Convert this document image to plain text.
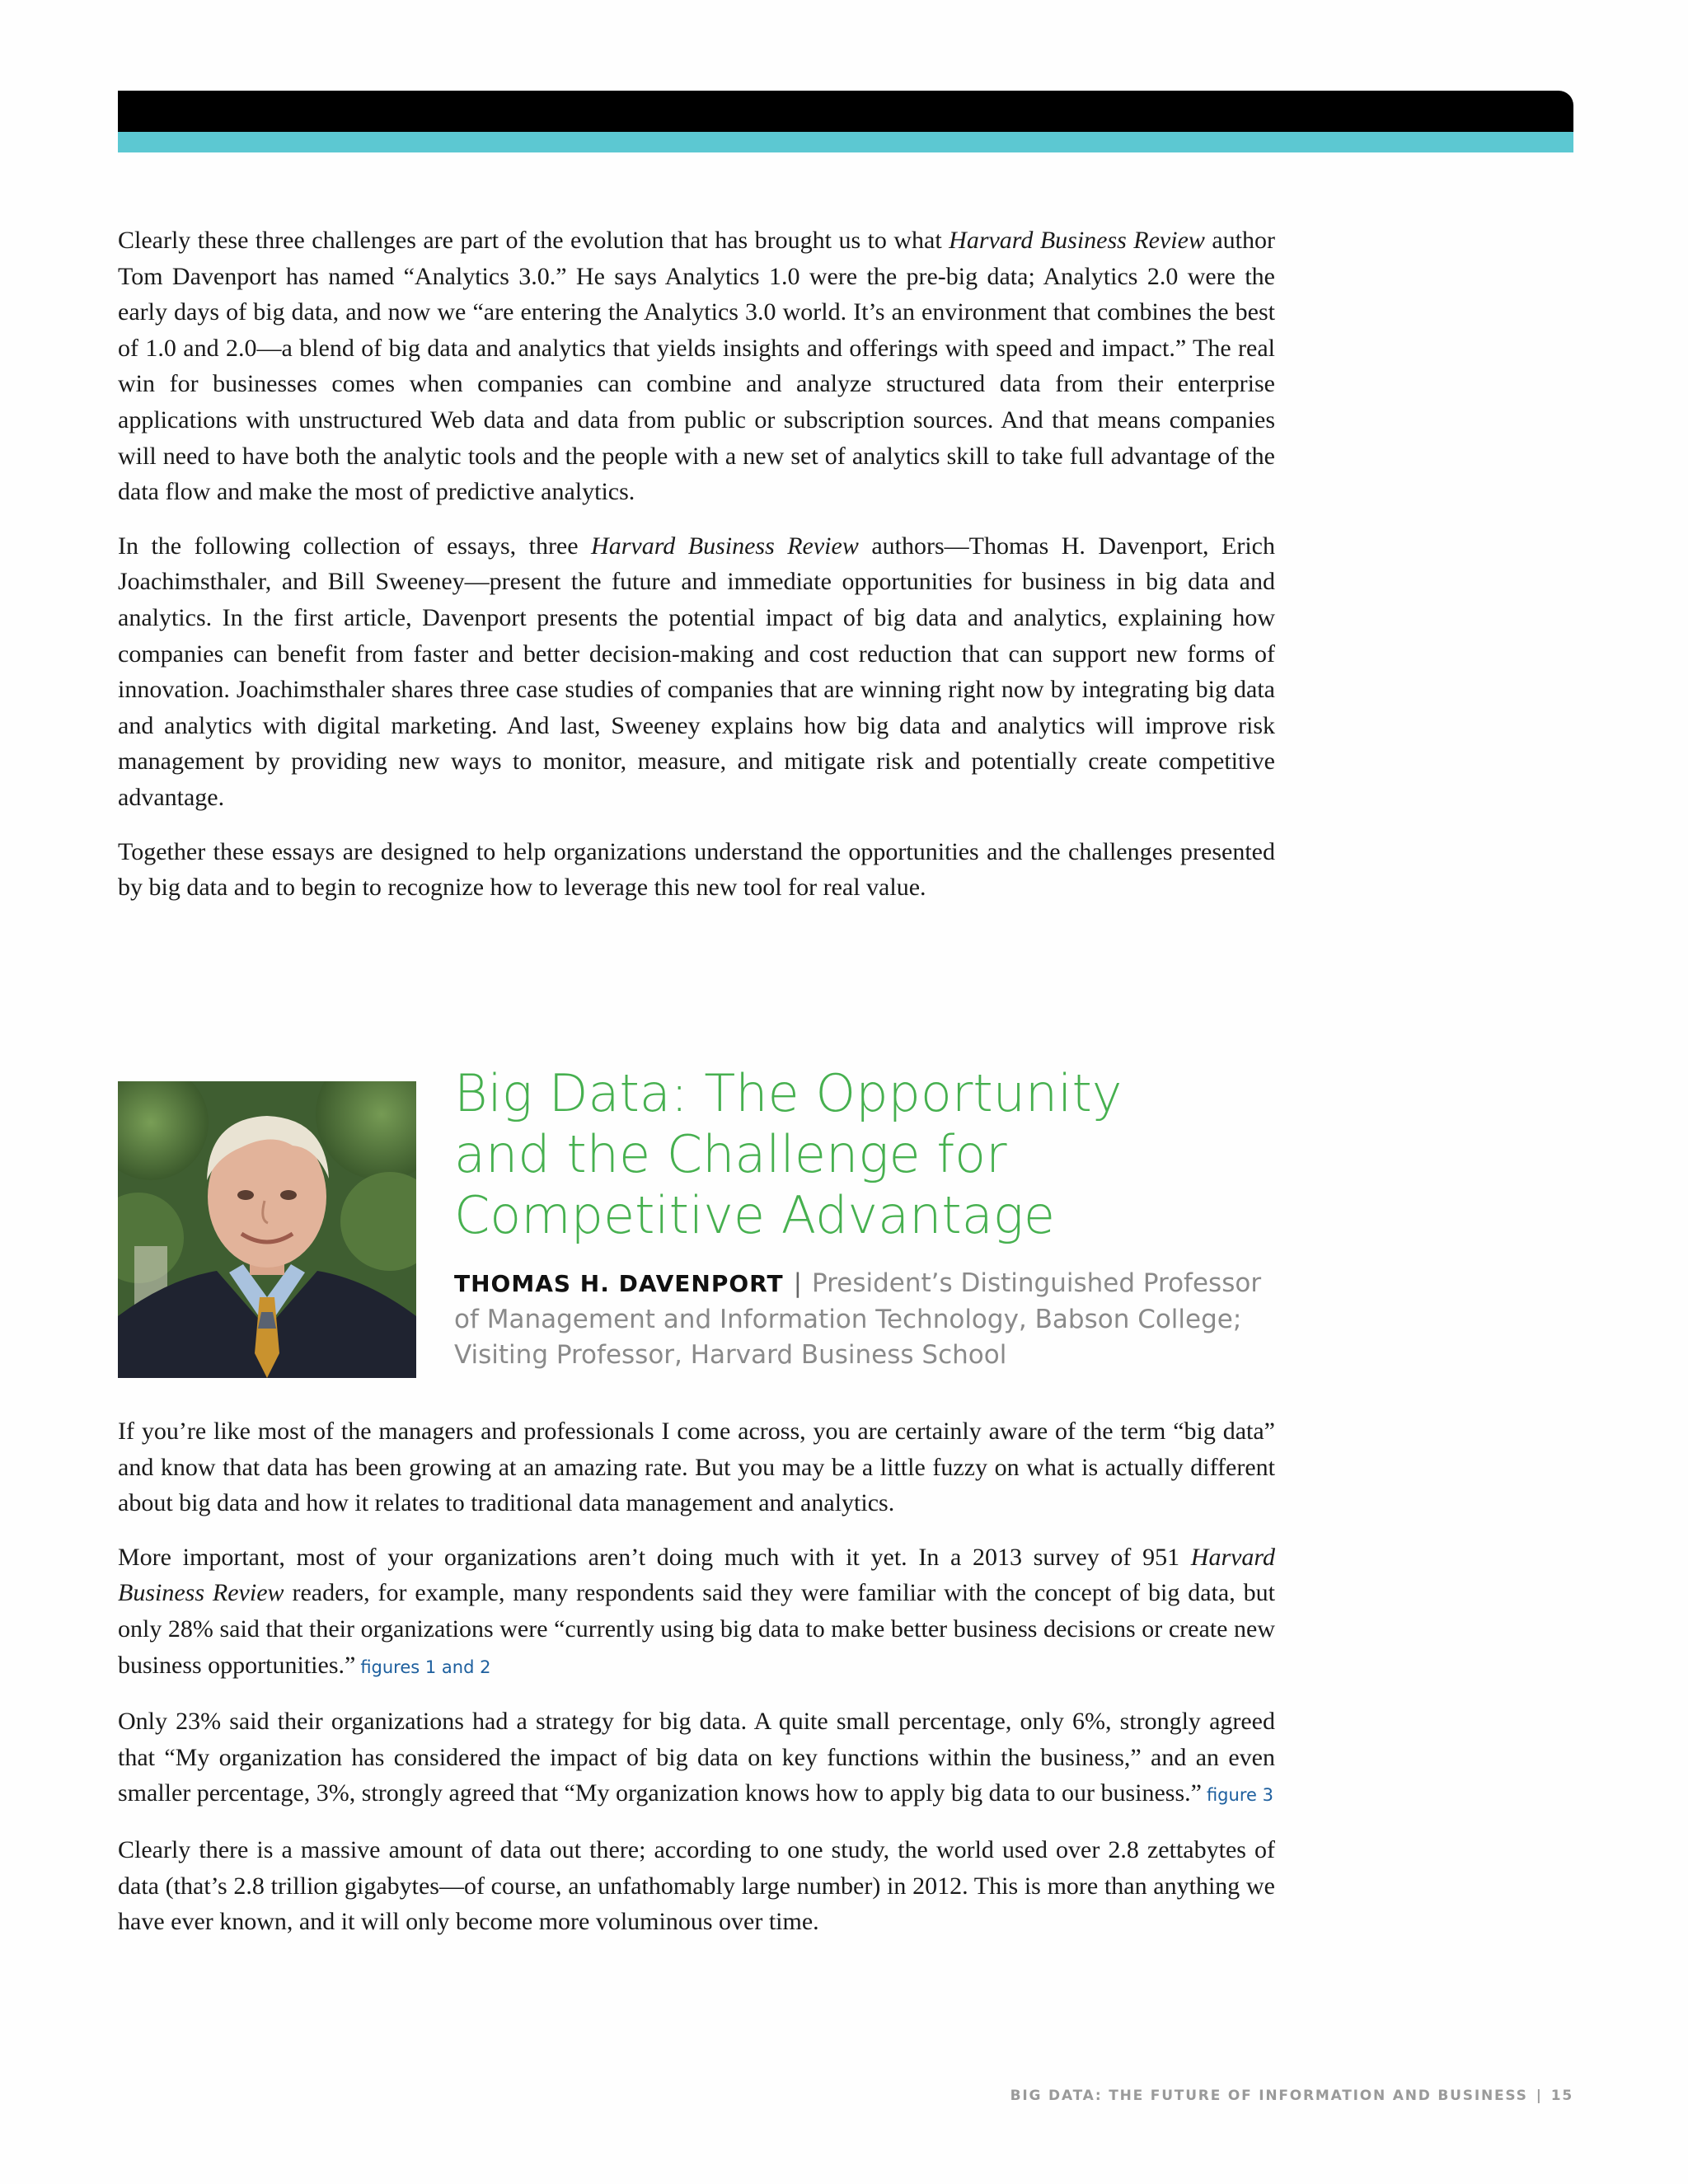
Clearly these three challenges are part of the evolution that has brought us to what Harvard Business Review author Tom Davenport has named “Analytics 3.0.” He says Analytics 1.0 were the pre-big data; Analytics 2.0 were the early days of big data, and now we “are entering the Analytics 3.0 world. It’s an environment that combines the best of 1.0 and 2.0—a blend of big data and analytics that yields insights and offerings with speed and impact.” The real win for businesses comes when companies can combine and analyze structured data from their enterprise applications with unstructured Web data and data from public or subscription sources. And that means companies will need to have both the analytic tools and the people with a new set of analytics skill to take full advantage of the data flow and make the most of predictive analytics.

In the following collection of essays, three Harvard Business Review authors—Thomas H. Davenport, Erich Joachimsthaler, and Bill Sweeney—present the future and immediate opportunities for business in big data and analytics. In the first article, Davenport presents the potential impact of big data and analytics, explaining how companies can benefit from faster and better decision-making and cost reduction that can support new forms of innovation. Joachimsthaler shares three case studies of companies that are winning right now by integrating big data and analytics with digital marketing. And last, Sweeney explains how big data and analytics will improve risk management by providing new ways to monitor, measure, and mitigate risk and potentially create competitive advantage.

Together these essays are designed to help organizations understand the opportunities and the challenges presented by big data and to begin to recognize how to leverage this new tool for real value.

Big Data: The Opportunity
and the Challenge for
Competitive Advantage
THOMAS H. DAVENPORT | President’s Distinguished Professor of Management and Information Technology, Babson College; Visiting Professor, Harvard Business School

If you’re like most of the managers and professionals I come across, you are certainly aware of the term “big data” and know that data has been growing at an amazing rate. But you may be a little fuzzy on what is actually different about big data and how it relates to traditional data management and analytics.

More important, most of your organizations aren’t doing much with it yet. In a 2013 survey of 951 Harvard Business Review readers, for example, many respondents said they were familiar with the concept of big data, but only 28% said that their organizations were “currently using big data to make better business decisions or create new business opportunities.” figures 1 and 2

Only 23% said their organizations had a strategy for big data. A quite small percentage, only 6%, strongly agreed that “My organization has considered the impact of big data on key functions within the business,” and an even smaller percentage, 3%, strongly agreed that “My organization knows how to apply big data to our business.” figure 3

Clearly there is a massive amount of data out there; according to one study, the world used over 2.8 zettabytes of data (that’s 2.8 trillion gigabytes—of course, an unfathomably large number) in 2012. This is more than anything we have ever known, and it will only become more voluminous over time.

BIG DATA: THE FUTURE OF INFORMATION AND BUSINESS | 15
